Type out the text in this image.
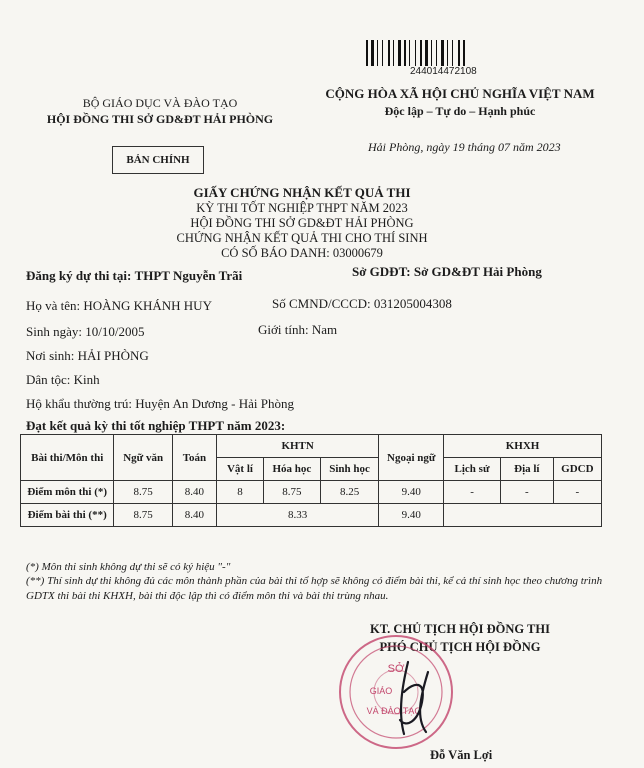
244014472108
BỘ GIÁO DỤC VÀ ĐÀO TẠO
HỘI ĐỒNG THI SỞ GD&ĐT HẢI PHÒNG
CỘNG HÒA XÃ HỘI CHỦ NGHĨA VIỆT NAM
Độc lập – Tự do – Hạnh phúc
Hải Phòng, ngày 19 tháng 07 năm 2023
BẢN CHÍNH
GIẤY CHỨNG NHẬN KẾT QUẢ THI
KỲ THI TỐT NGHIỆP THPT NĂM 2023
HỘI ĐỒNG THI SỞ GD&ĐT HẢI PHÒNG
CHỨNG NHẬN KẾT QUẢ THI CHO THÍ SINH
CÓ SỐ BÁO DANH: 03000679
Đăng ký dự thi tại: THPT Nguyễn Trãi	Sở GDĐT: Sở GD&ĐT Hải Phòng
Họ và tên: HOÀNG KHÁNH HUY	Số CMND/CCCD: 031205004308
Sinh ngày: 10/10/2005	Giới tính: Nam
Nơi sinh: HẢI PHÒNG
Dân tộc: Kinh
Hộ khẩu thường trú: Huyện An Dương - Hải Phòng
Đạt kết quả kỳ thi tốt nghiệp THPT năm 2023:
Bài thi/Môn thi	Ngữ văn	Toán	KHTN			Ngoại ngữ	KHXH		
			Vật lí	Hóa học	Sinh học		Lịch sử	Địa lí	GDCD
Điểm môn thi (*)	8.75	8.40	8	8.75	8.25	9.40	-	-	-
Điểm bài thi (**)	8.75	8.40	8.33			9.40			
(*) Môn thi sinh không dự thi sẽ có ký hiệu "-"
(**) Thí sinh dự thi không đủ các môn thành phần của bài thi tổ hợp sẽ không có điểm bài thi, kể cả thí sinh học theo chương trình GDTX thi bài thi KHXH, bài thi độc lập thì có điểm môn thi và bài thi trùng nhau.
KT. CHỦ TỊCH HỘI ĐỒNG THI
PHÓ CHỦ TỊCH HỘI ĐỒNG
SỞ
GIÁO
VÀ ĐÀO TẠO
Đỗ Văn Lợi
